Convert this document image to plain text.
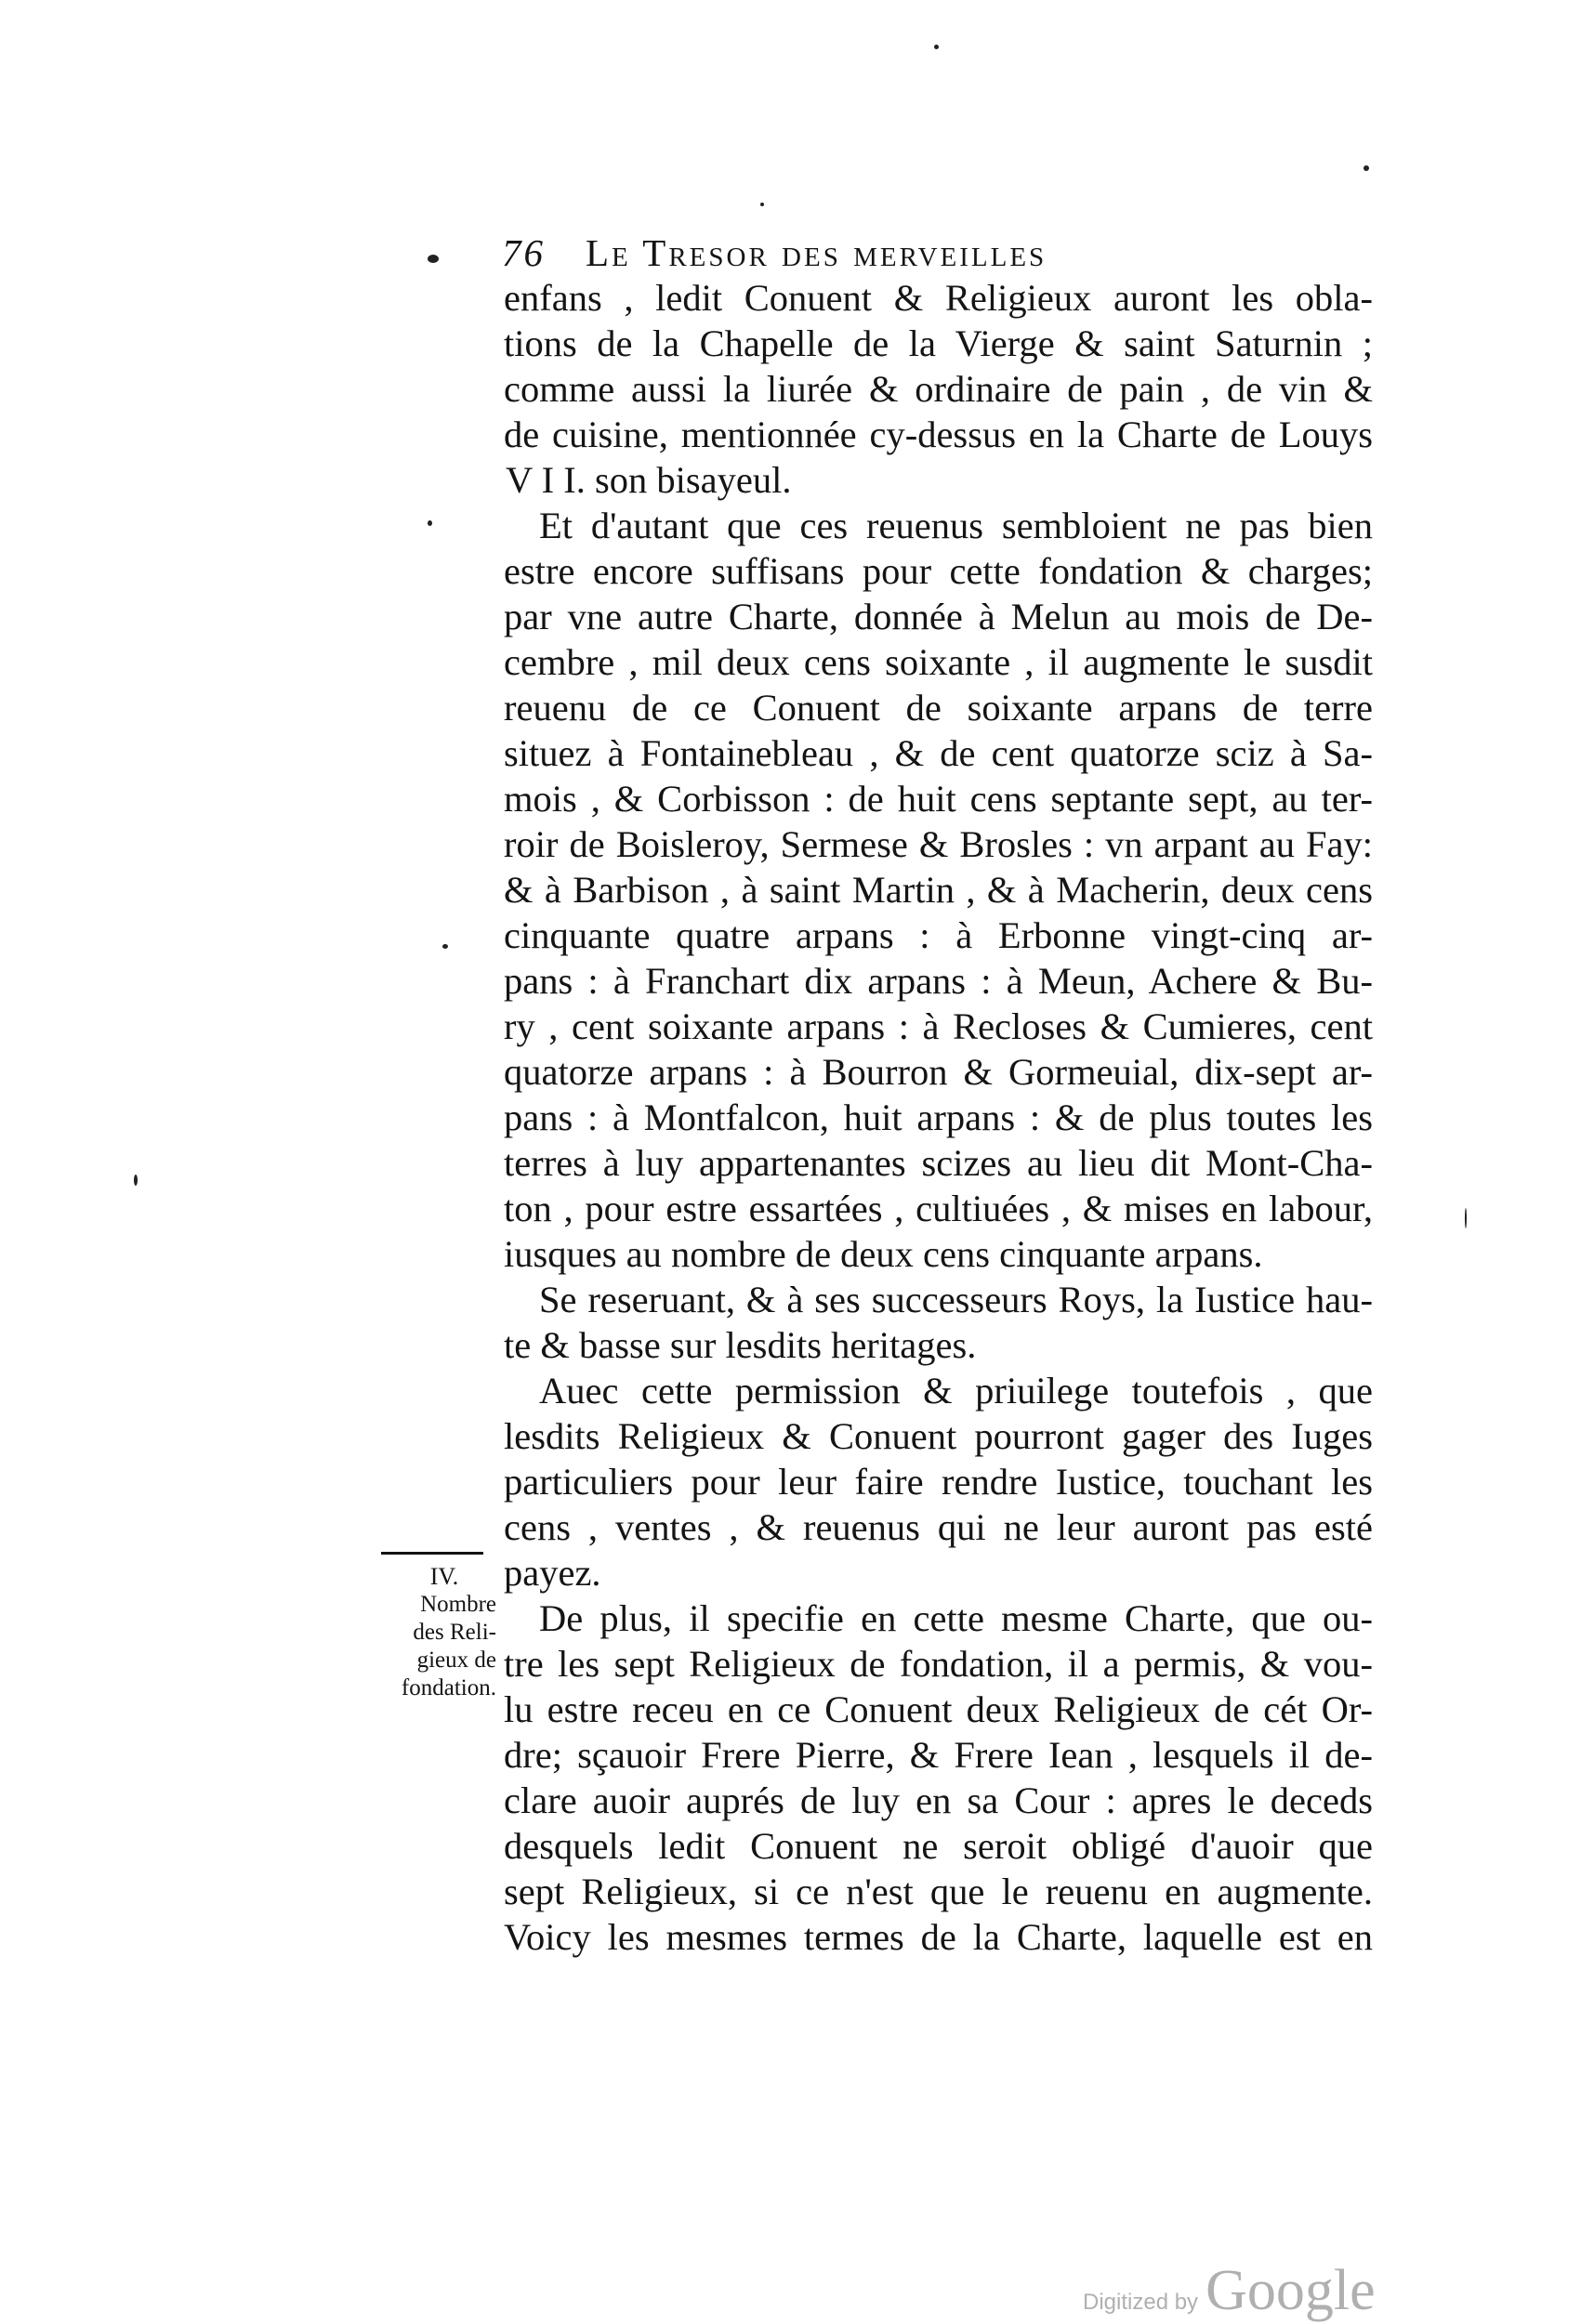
76 Le Tresor des merveilles
enfans , ledit Conuent & Religieux auront les obla-
tions de la Chapelle de la Vierge & saint Saturnin ;
comme aussi la liurée & ordinaire de pain , de vin &
de cuisine, mentionnée cy-dessus en la Charte de Louys
V I I. son bisayeul.
Et d'autant que ces reuenus sembloient ne pas bien
estre encore suffisans pour cette fondation & charges;
par vne autre Charte, donnée à Melun au mois de De-
cembre , mil deux cens soixante , il augmente le susdit
reuenu de ce Conuent de soixante arpans de terre
situez à Fontainebleau , & de cent quatorze sciz à Sa-
mois , & Corbisson : de huit cens septante sept, au ter-
roir de Boisleroy, Sermese & Brosles : vn arpant au Fay:
& à Barbison , à saint Martin , & à Macherin, deux cens
cinquante quatre arpans : à Erbonne vingt-cinq ar-
pans : à Franchart dix arpans : à Meun, Achere & Bu-
ry , cent soixante arpans : à Recloses & Cumieres, cent
quatorze arpans : à Bourron & Gormeuial, dix-sept ar-
pans : à Montfalcon, huit arpans : & de plus toutes les
terres à luy appartenantes scizes au lieu dit Mont-Cha-
ton , pour estre essartées , cultiuées , & mises en labour,
iusques au nombre de deux cens cinquante arpans.
Se reseruant, & à ses successeurs Roys, la Iustice hau-
te & basse sur lesdits heritages.
Auec cette permission & priuilege toutefois , que
lesdits Religieux & Conuent pourront gager des Iuges
particuliers pour leur faire rendre Iustice, touchant les
cens , ventes , & reuenus qui ne leur auront pas esté
payez.
De plus, il specifie en cette mesme Charte, que ou-
tre les sept Religieux de fondation, il a permis, & vou-
lu estre receu en ce Conuent deux Religieux de cét Or-
dre; sçauoir Frere Pierre, & Frere Iean , lesquels il de-
clare auoir auprés de luy en sa Cour : apres le deceds
desquels ledit Conuent ne seroit obligé d'auoir que
sept Religieux, si ce n'est que le reuenu en augmente.
Voicy les mesmes termes de la Charte, laquelle est en
IV.
Nombre
des Reli-
gieux de
fondation.
Digitized by Google
